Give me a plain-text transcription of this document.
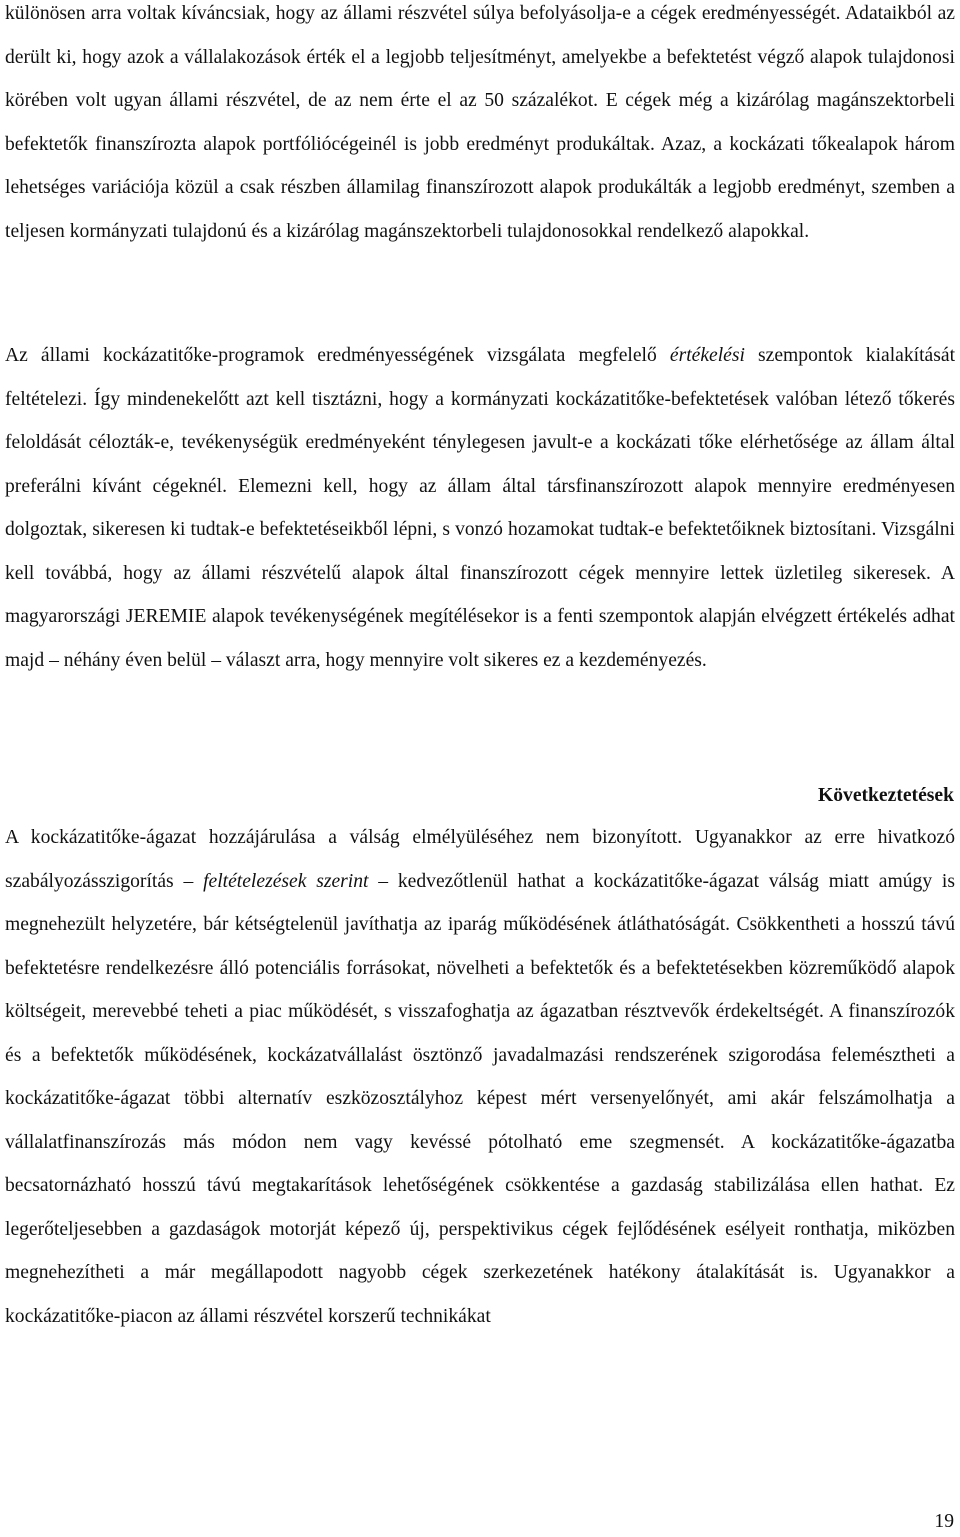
különösen arra voltak kíváncsiak, hogy az állami részvétel súlya befolyásolja-e a cégek eredményességét. Adataikból az derült ki, hogy azok a vállalakozások érték el a legjobb teljesítményt, amelyekbe a befektetést végző alapok tulajdonosi körében volt ugyan állami részvétel, de az nem érte el az 50 százalékot. E cégek még a kizárólag magánszektorbeli befektetők finanszírozta alapok portfóliócégeinél is jobb eredményt produkáltak. Azaz, a kockázati tőkealapok három lehetséges variációja közül a csak részben államilag finanszírozott alapok produkálták a legjobb eredményt, szemben a teljesen kormányzati tulajdonú és a kizárólag magánszektorbeli tulajdonosokkal rendelkező alapokkal.

Az állami kockázatitőke-programok eredményességének vizsgálata megfelelő értékelési szempontok kialakítását feltételezi. Így mindenekelőtt azt kell tisztázni, hogy a kormányzati kockázatitőke-befektetések valóban létező tőkerés feloldását célozták-e, tevékenységük eredményeként ténylegesen javult-e a kockázati tőke elérhetősége az állam által preferálni kívánt cégeknél. Elemezni kell, hogy az állam által társfinanszírozott alapok mennyire eredményesen dolgoztak, sikeresen ki tudtak-e befektetéseikből lépni, s vonzó hozamokat tudtak-e befektetőiknek biztosítani. Vizsgálni kell továbbá, hogy az állami részvételű alapok által finanszírozott cégek mennyire lettek üzletileg sikeresek. A magyarországi JEREMIE alapok tevékenységének megítélésekor is a fenti szempontok alapján elvégzett értékelés adhat majd – néhány éven belül – választ arra, hogy mennyire volt sikeres ez a kezdeményezés.

Következtetések

A kockázatitőke-ágazat hozzájárulása a válság elmélyüléséhez nem bizonyított. Ugyanakkor az erre hivatkozó szabályozásszigorítás – feltételezések szerint – kedvezőtlenül hathat a kockázatitőke-ágazat válság miatt amúgy is megnehezült helyzetére, bár kétségtelenül javíthatja az iparág működésének átláthatóságát. Csökkentheti a hosszú távú befektetésre rendelkezésre álló potenciális forrásokat, növelheti a befektetők és a befektetésekben közreműködő alapok költségeit, merevebbé teheti a piac működését, s visszafoghatja az ágazatban résztvevők érdekeltségét. A finanszírozók és a befektetők működésének, kockázatvállalást ösztönző javadalmazási rendszerének szigorodása felemésztheti a kockázatitőke-ágazat többi alternatív eszközosztályhoz képest mért versenyelőnyét, ami akár felszámolhatja a vállalatfinanszírozás más módon nem vagy kevéssé pótolható eme szegmensét. A kockázatitőke-ágazatba becsatornázható hosszú távú megtakarítások lehetőségének csökkentése a gazdaság stabilizálása ellen hathat. Ez legerőteljesebben a gazdaságok motorját képező új, perspektivikus cégek fejlődésének esélyeit ronthatja, miközben megnehezítheti a már megállapodott nagyobb cégek szerkezetének hatékony átalakítását is. Ugyanakkor a kockázatitőke-piacon az állami részvétel korszerű technikákat

19
